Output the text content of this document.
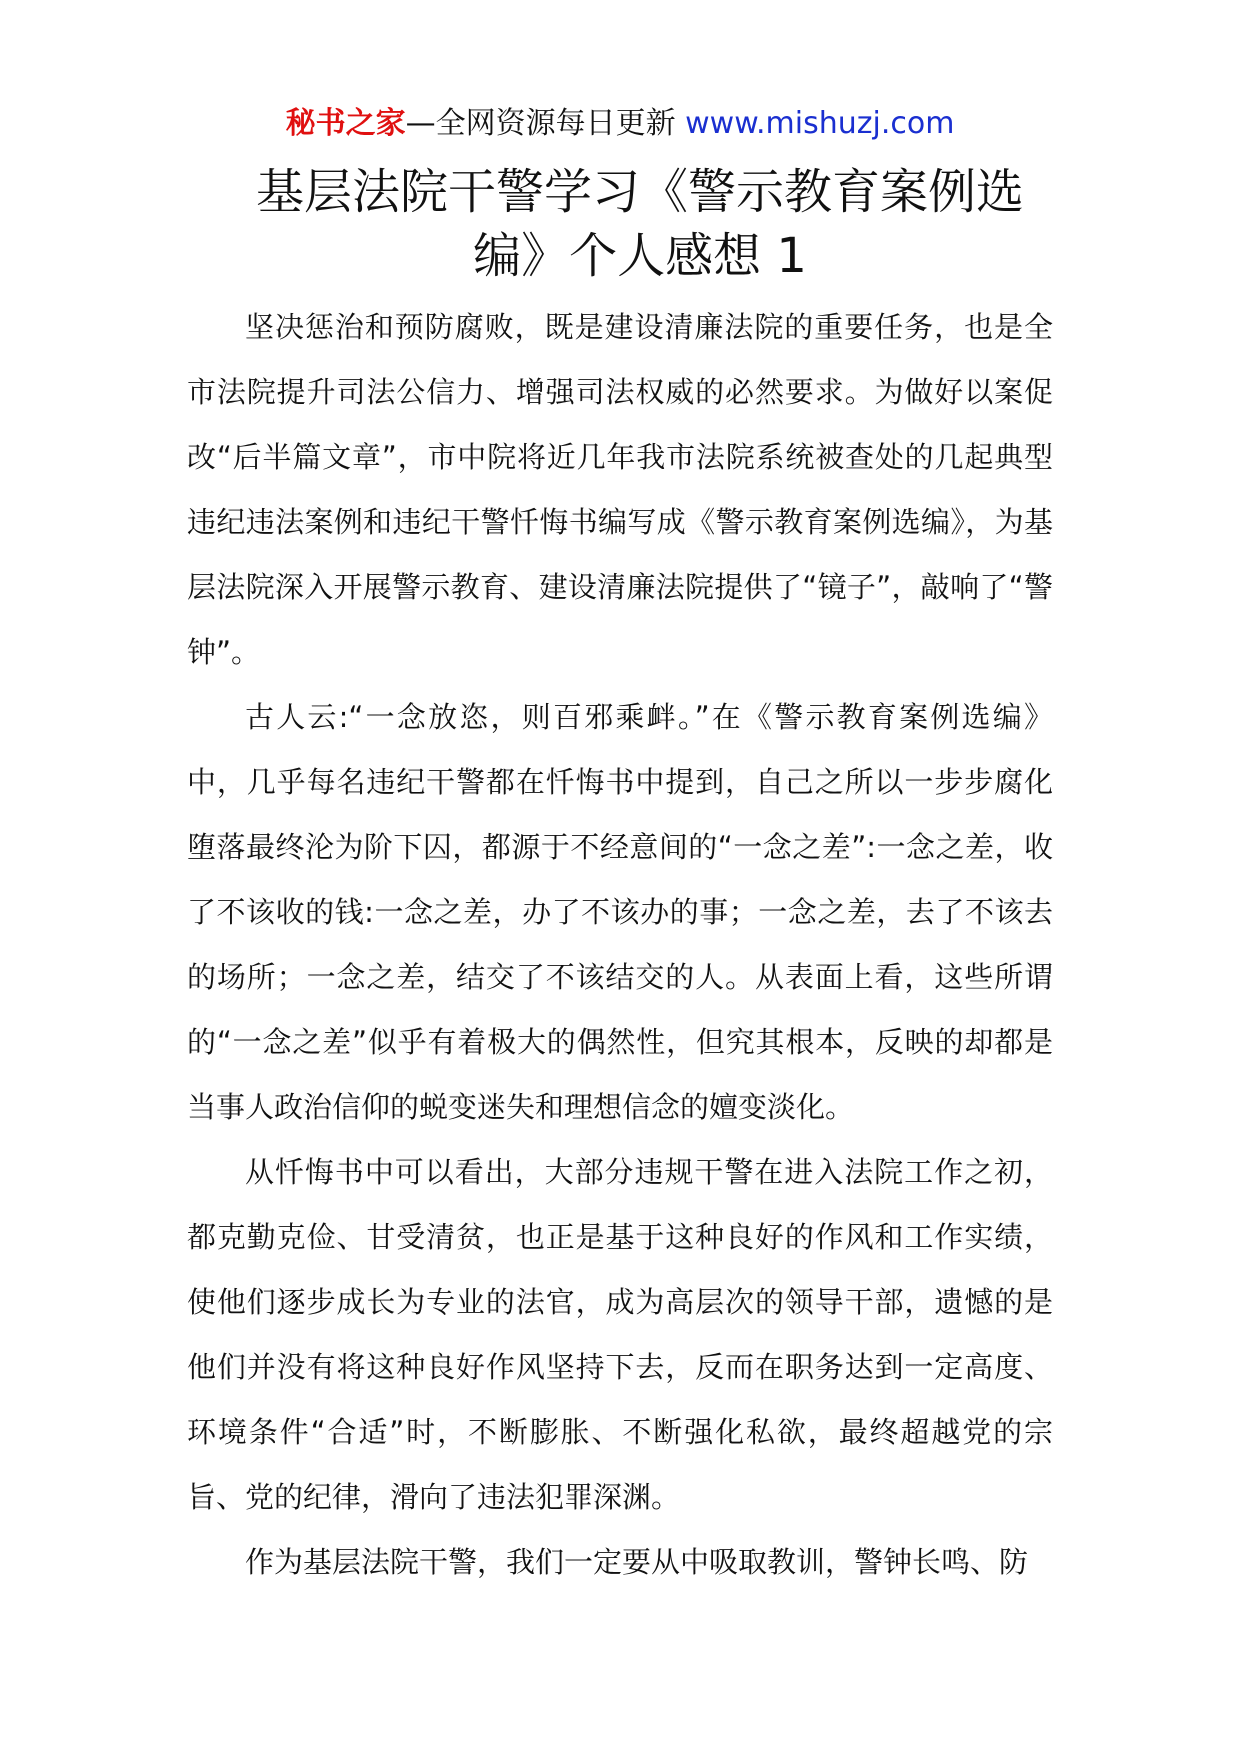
秘书之家—全网资源每日更新 www.mishuzj.com
基层法院干警学习《警示教育案例选编》个人感想 1

坚决惩治和预防腐败，既是建设清廉法院的重要任务，也是全市法院提升司法公信力、增强司法权威的必然要求。为做好以案促改“后半篇文章”，市中院将近几年我市法院系统被查处的几起典型违纪违法案例和违纪干警忏悔书编写成《警示教育案例选编》，为基层法院深入开展警示教育、建设清廉法院提供了“镜子”，敲响了“警钟”。

古人云:“一念放恣，则百邪乘衅。”在《警示教育案例选编》中，几乎每名违纪干警都在忏悔书中提到，自己之所以一步步腐化堕落最终沦为阶下囚，都源于不经意间的“一念之差”:一念之差，收了不该收的钱:一念之差，办了不该办的事；一念之差，去了不该去的场所；一念之差，结交了不该结交的人。从表面上看，这些所谓的“一念之差”似乎有着极大的偶然性，但究其根本，反映的却都是当事人政治信仰的蜕变迷失和理想信念的嬗变淡化。

从忏悔书中可以看出，大部分违规干警在进入法院工作之初，都克勤克俭、甘受清贫，也正是基于这种良好的作风和工作实绩，使他们逐步成长为专业的法官，成为高层次的领导干部，遗憾的是他们并没有将这种良好作风坚持下去，反而在职务达到一定高度、环境条件“合适”时，不断膨胀、不断强化私欲，最终超越党的宗旨、党的纪律，滑向了违法犯罪深渊。

作为基层法院干警，我们一定要从中吸取教训，警钟长鸣、防
